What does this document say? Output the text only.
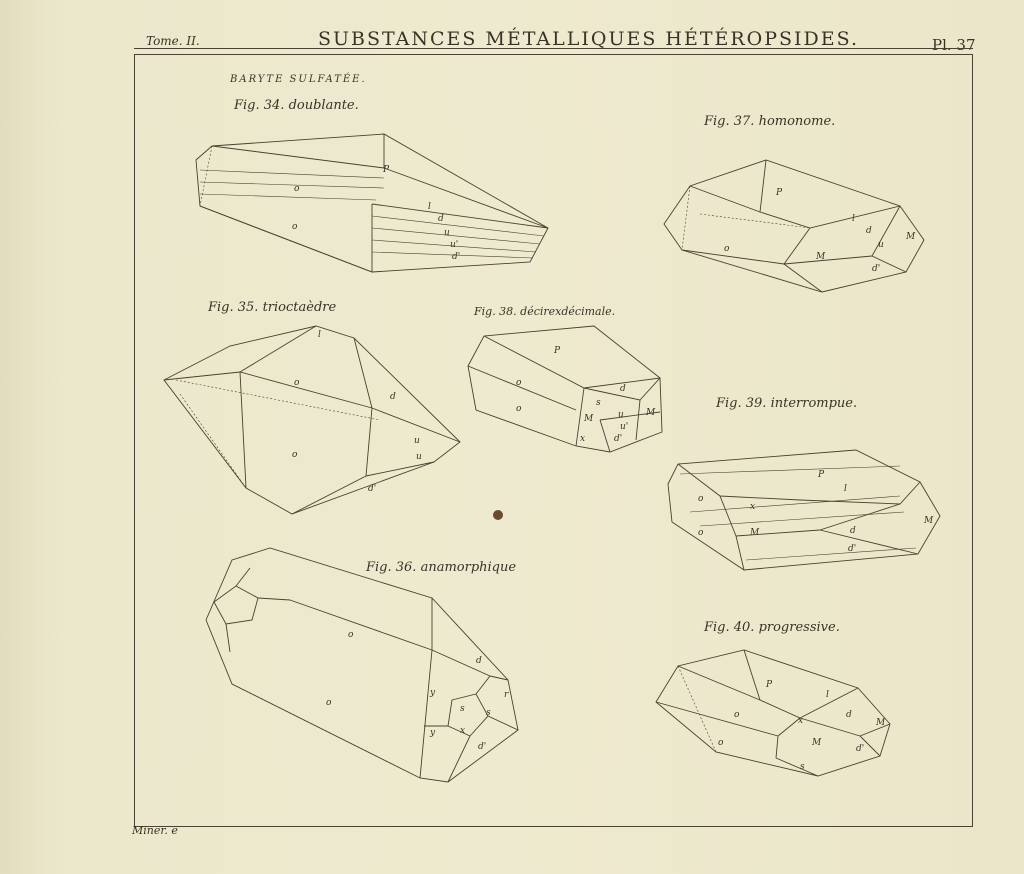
Tome. II.	SUBSTANCES MÉTALLIQUES HÉTÉROPSIDES.	Pl. 37
BARYTE SULFATÉE.
Fig. 34. doublante.
Fig. 35. trioctaèdre
Fig. 36. anamorphique
Fig. 37. homonome.
Fig. 38. décirexdécimale.
Fig. 39. interrompue.
Fig. 40. progressive.
P
o
o
l
d
u
u'
d'
l
o
o
d
u
u
d'
o
o
d
y
y
s
s
r
x
d'
P
o
M
l
d
u
M
d'
P
o
o
d
s
u
M
M
u'
d'
x
P
l
o
o	M	d
M
d'
x
P
o
o
l
d
M
M
d'
x
s
Miner. e
